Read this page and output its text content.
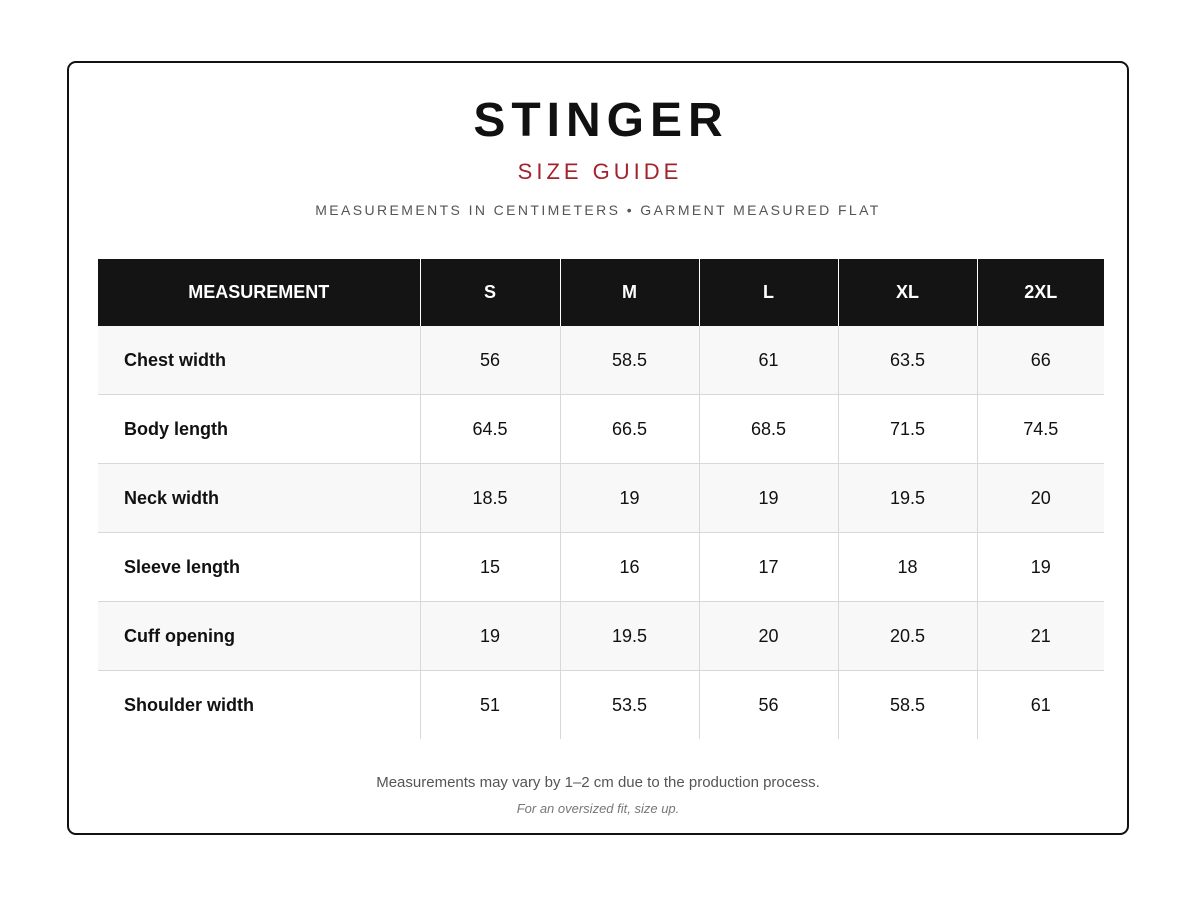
STINGER
SIZE GUIDE
MEASUREMENTS IN CENTIMETERS • GARMENT MEASURED FLAT
MEASUREMENT	S	M	L	XL	2XL
Chest width	56	58.5	61	63.5	66
Body length	64.5	66.5	68.5	71.5	74.5
Neck width	18.5	19	19	19.5	20
Sleeve length	15	16	17	18	19
Cuff opening	19	19.5	20	20.5	21
Shoulder width	51	53.5	56	58.5	61
Measurements may vary by 1–2 cm due to the production process.
For an oversized fit, size up.
